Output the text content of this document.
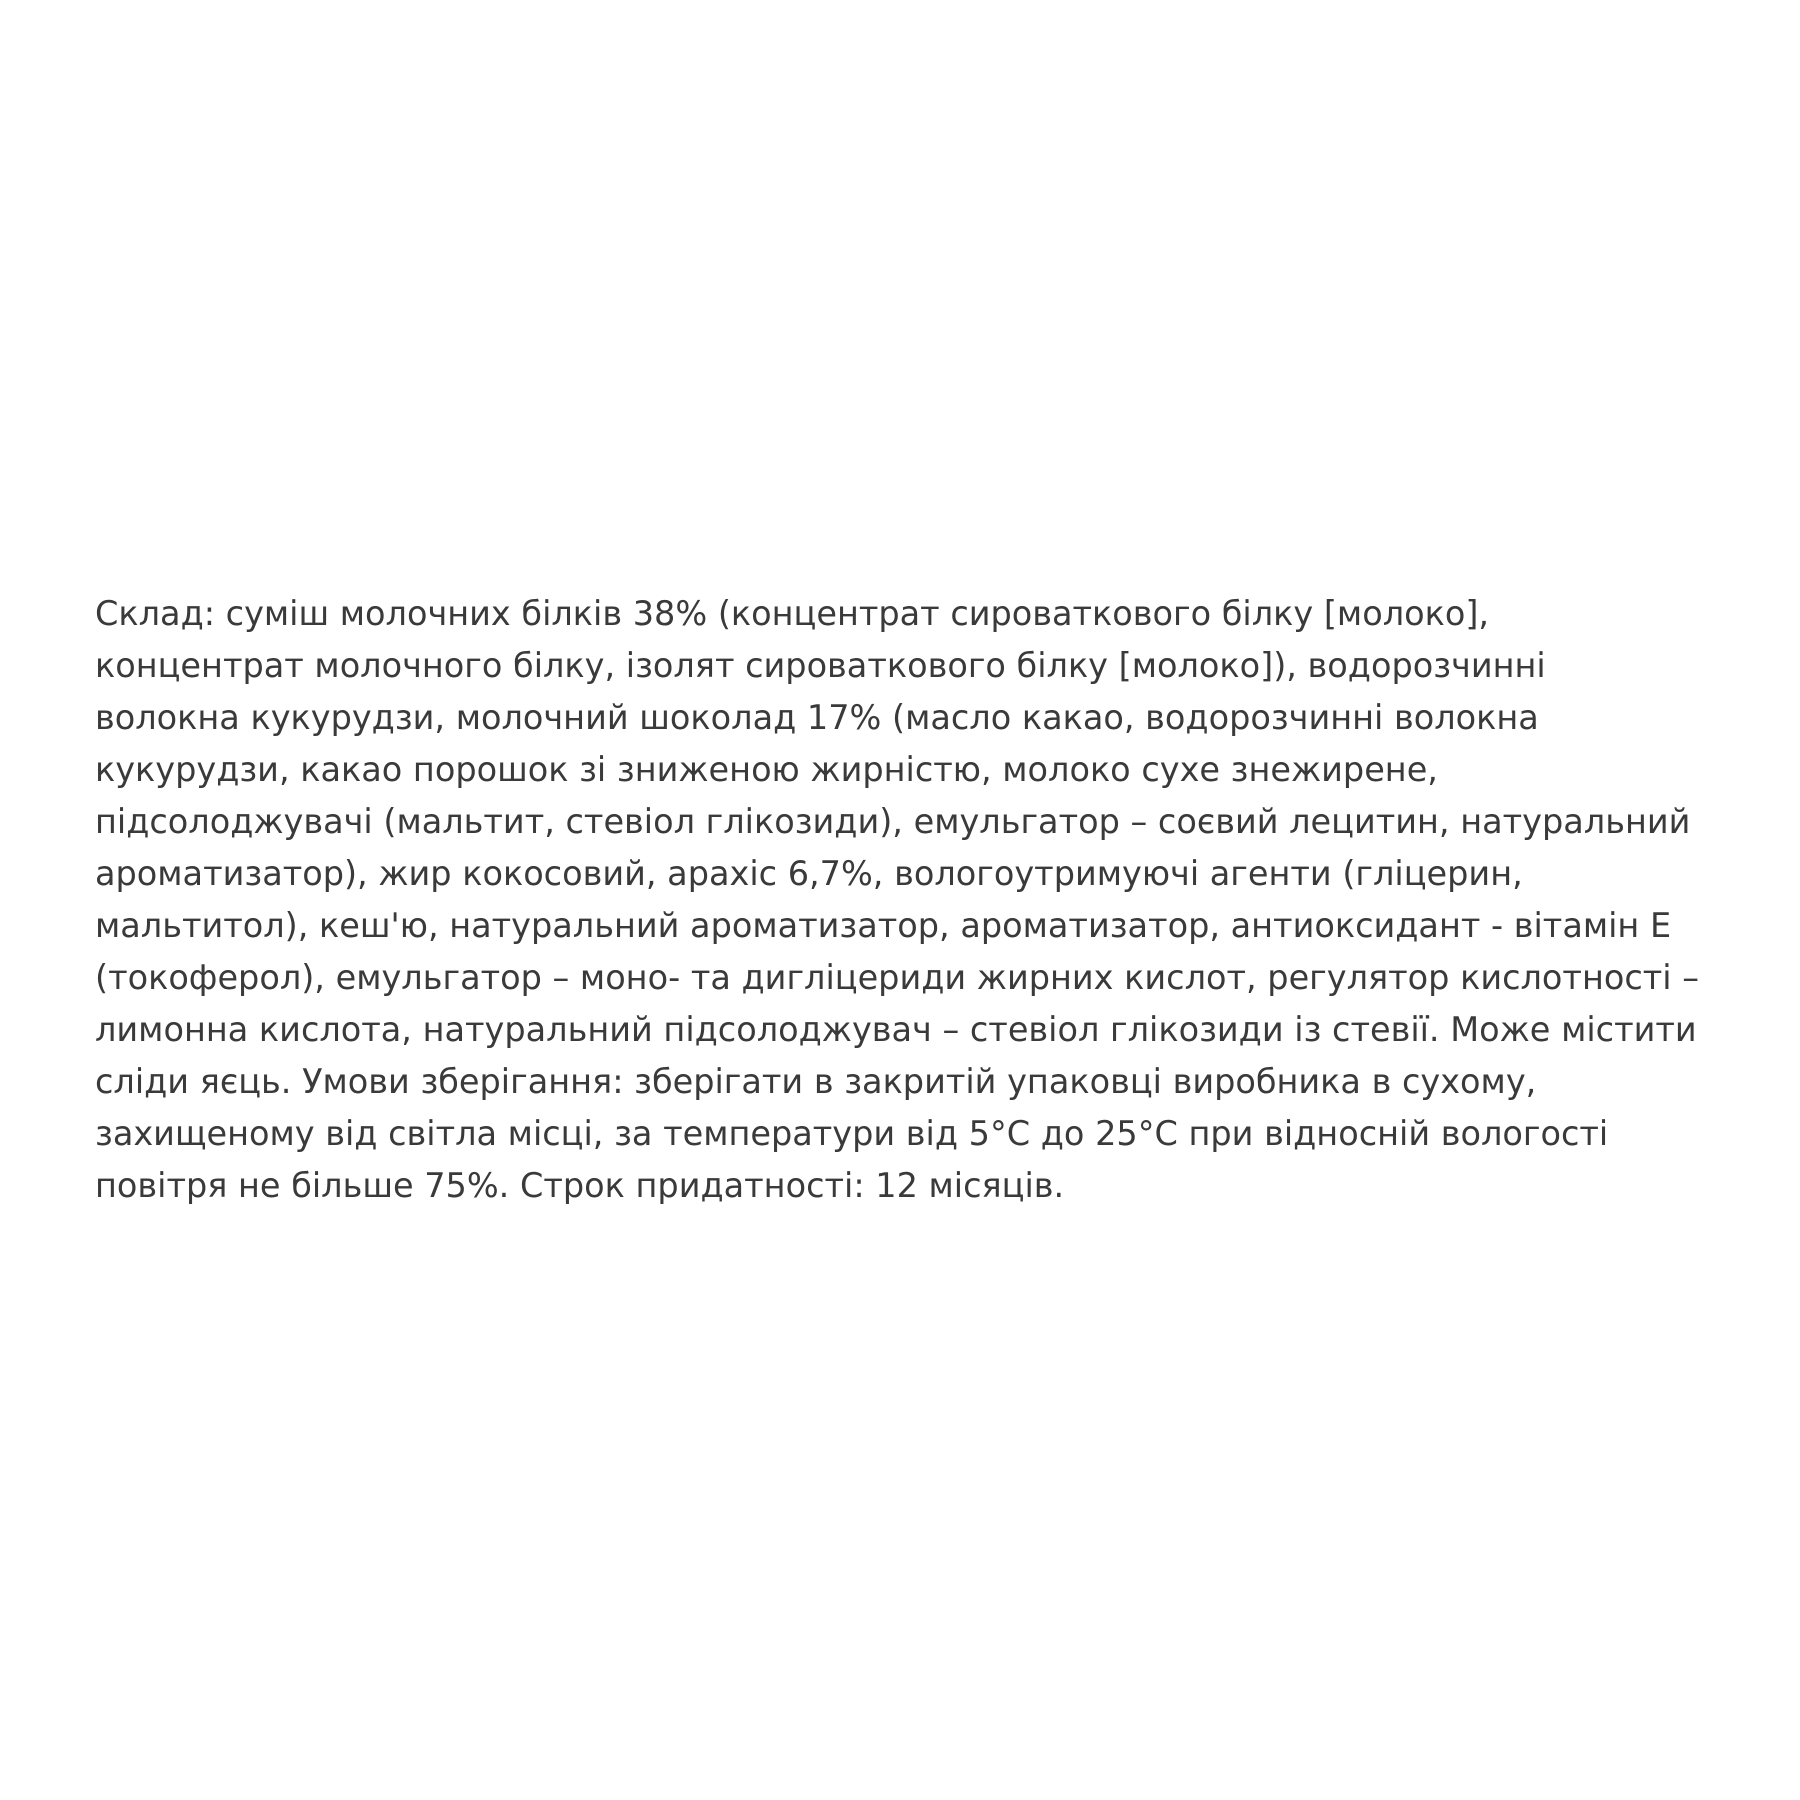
Склад: суміш молочних білків 38% (концентрат сироваткового білку [молоко],
концентрат молочного білку, ізолят сироваткового білку [молоко]), водорозчинні
волокна кукурудзи, молочний шоколад 17% (масло какао, водорозчинні волокна
кукурудзи, какао порошок зі зниженою жирністю, молоко сухе знежирене,
підсолоджувачі (мальтит, стевіол глікозиди), емульгатор – соєвий лецитин, натуральний
ароматизатор), жир кокосовий, арахіс 6,7%, вологоутримуючі агенти (гліцерин,
мальтитол), кеш'ю, натуральний ароматизатор, ароматизатор, антиоксидант - вітамін Е
(токоферол), емульгатор – моно- та дигліцериди жирних кислот, регулятор кислотності –
лимонна кислота, натуральний підсолоджувач – стевіол глікозиди із стевії. Може містити
сліди яєць. Умови зберігання: зберігати в закритій упаковці виробника в сухому,
захищеному від світла місці, за температури від 5°С до 25°С при відносній вологості
повітря не більше 75%. Строк придатності: 12 місяців.
